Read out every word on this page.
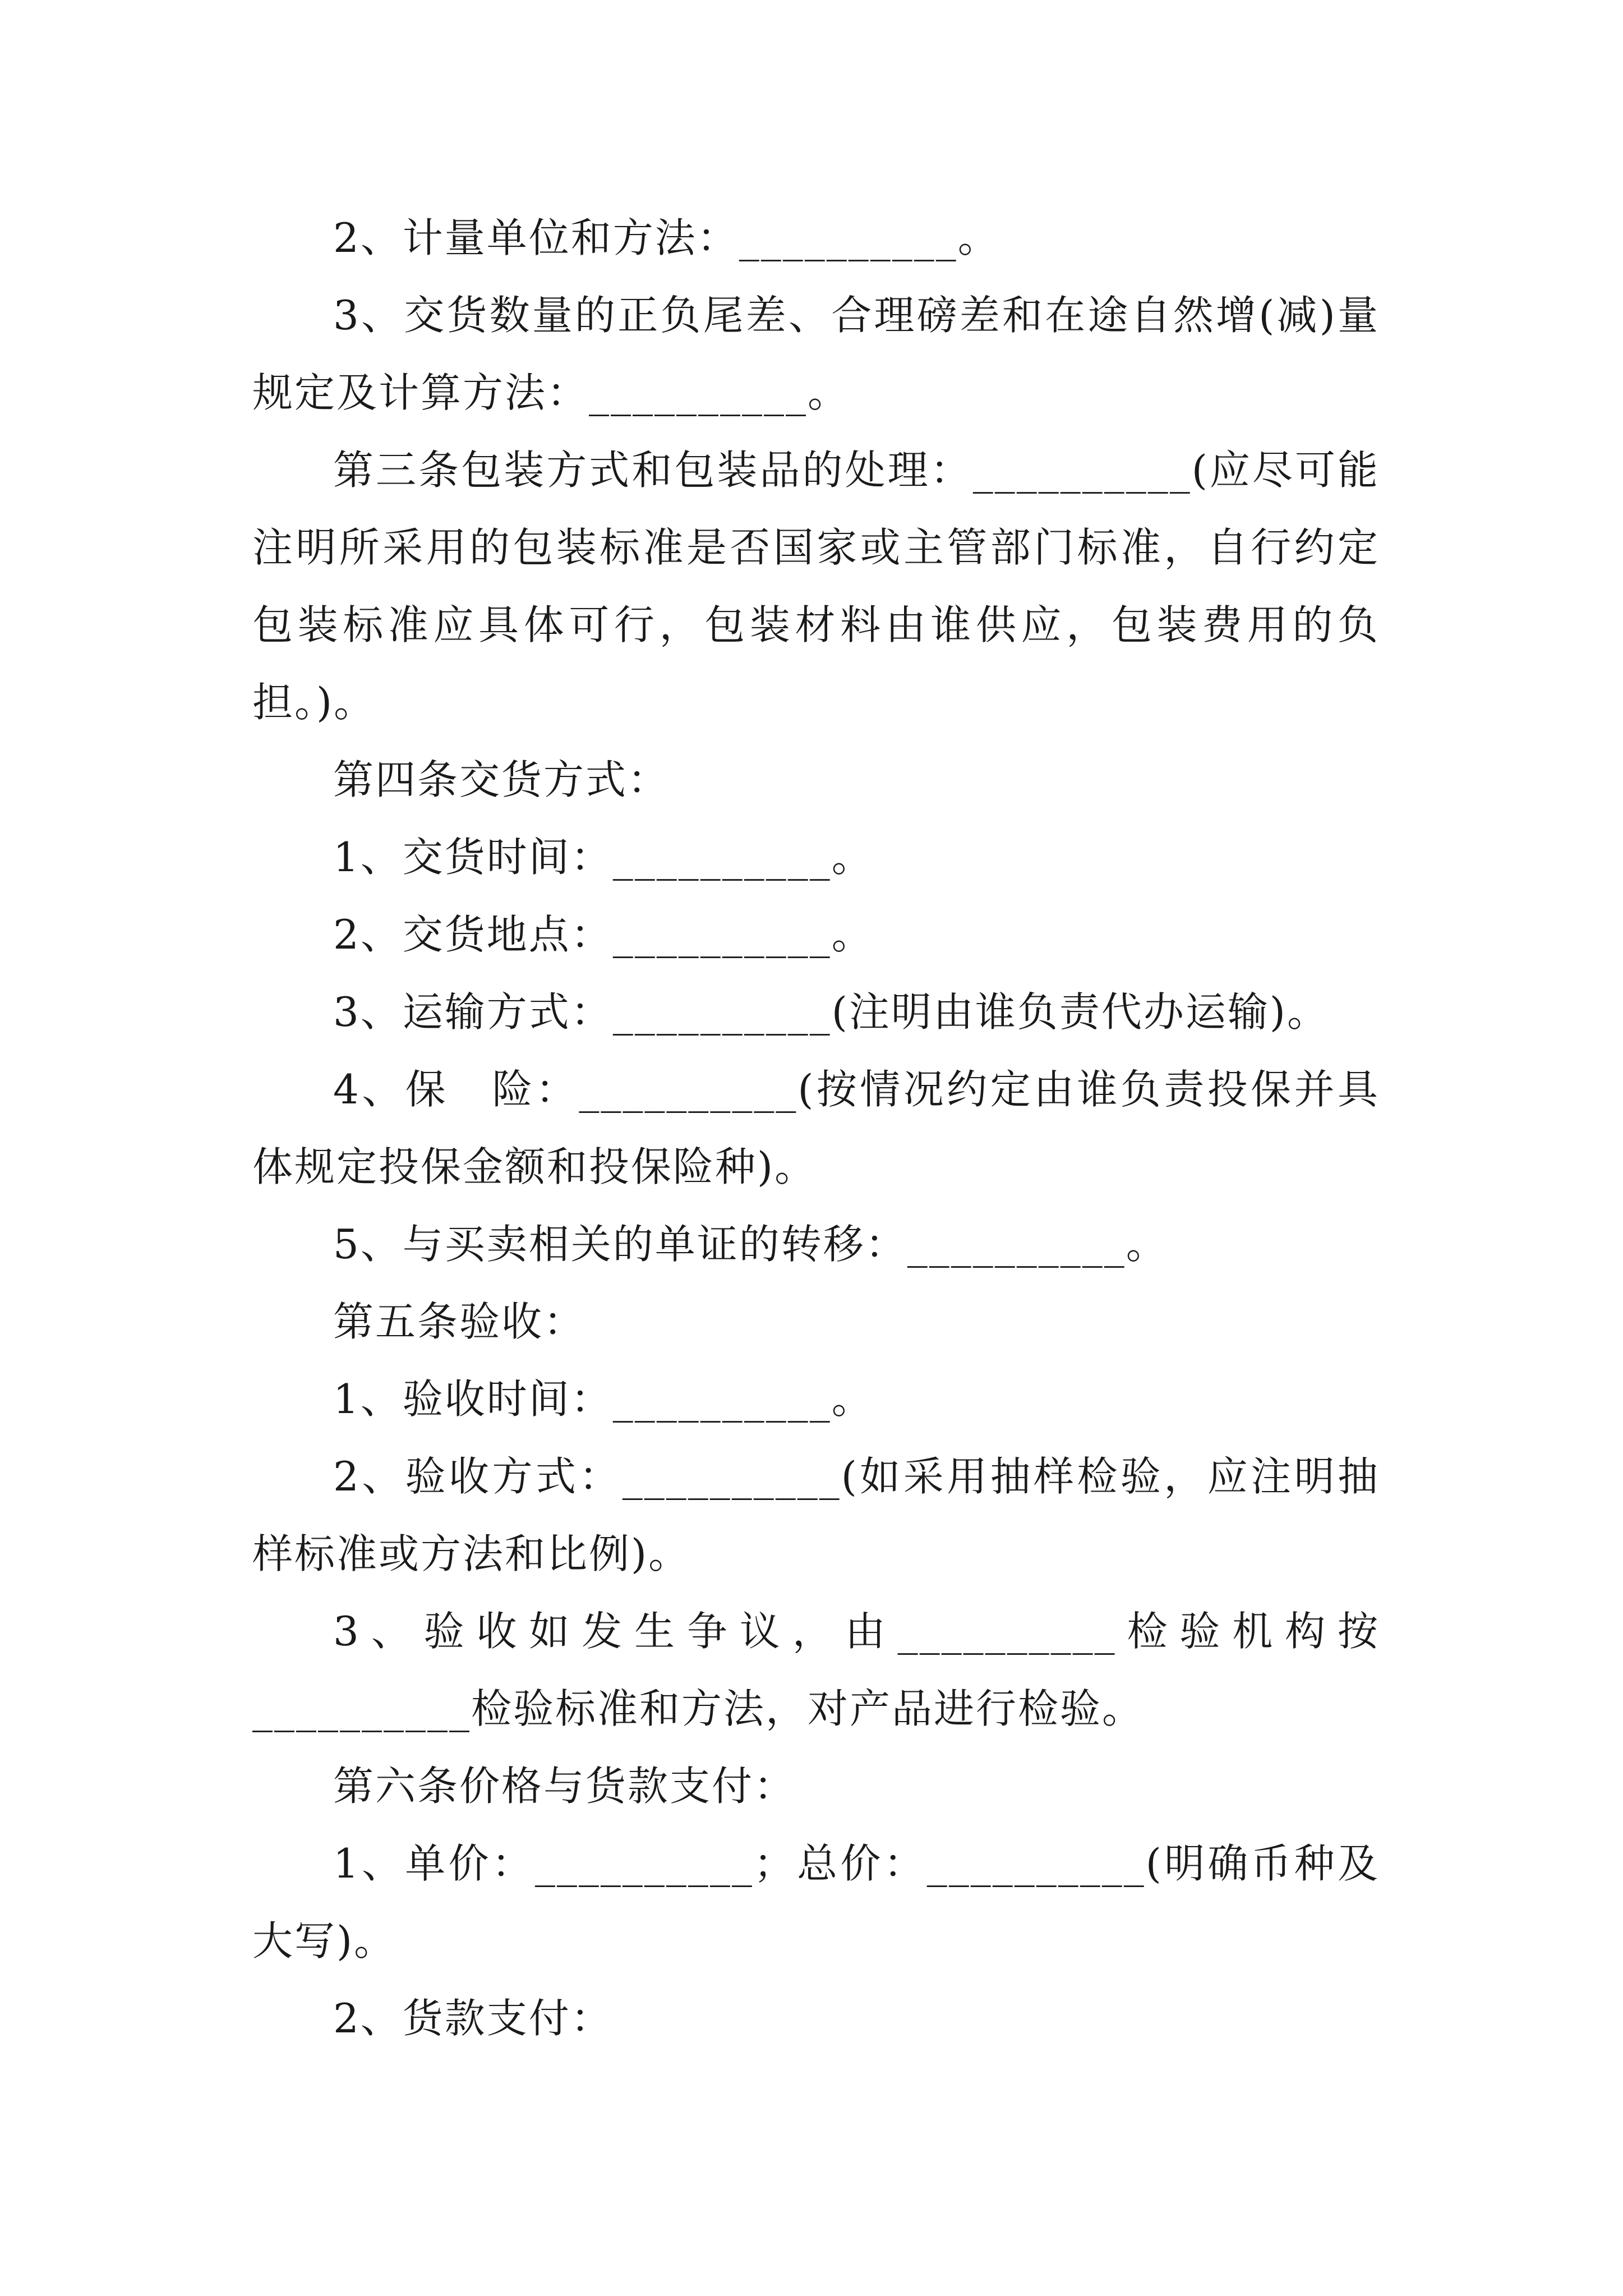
2、计量单位和方法：__________。

3、交货数量的正负尾差、合理磅差和在途自然增(减)量规定及计算方法：__________。

第三条包装方式和包装品的处理：__________(应尽可能注明所采用的包装标准是否国家或主管部门标准，自行约定包装标准应具体可行，包装材料由谁供应，包装费用的负担。)。

第四条交货方式：

1、交货时间：__________。

2、交货地点：__________。

3、运输方式：__________(注明由谁负责代办运输)。

4、保　险：__________(按情况约定由谁负责投保并具体规定投保金额和投保险种)。

5、与买卖相关的单证的转移：__________。

第五条验收：

1、验收时间：__________。

2、验收方式：__________(如采用抽样检验，应注明抽样标准或方法和比例)。

3、验收如发生争议，由__________检验机构按__________检验标准和方法，对产品进行检验。

第六条价格与货款支付：

1、单价：__________；总价：__________(明确币种及大写)。

2、货款支付：
